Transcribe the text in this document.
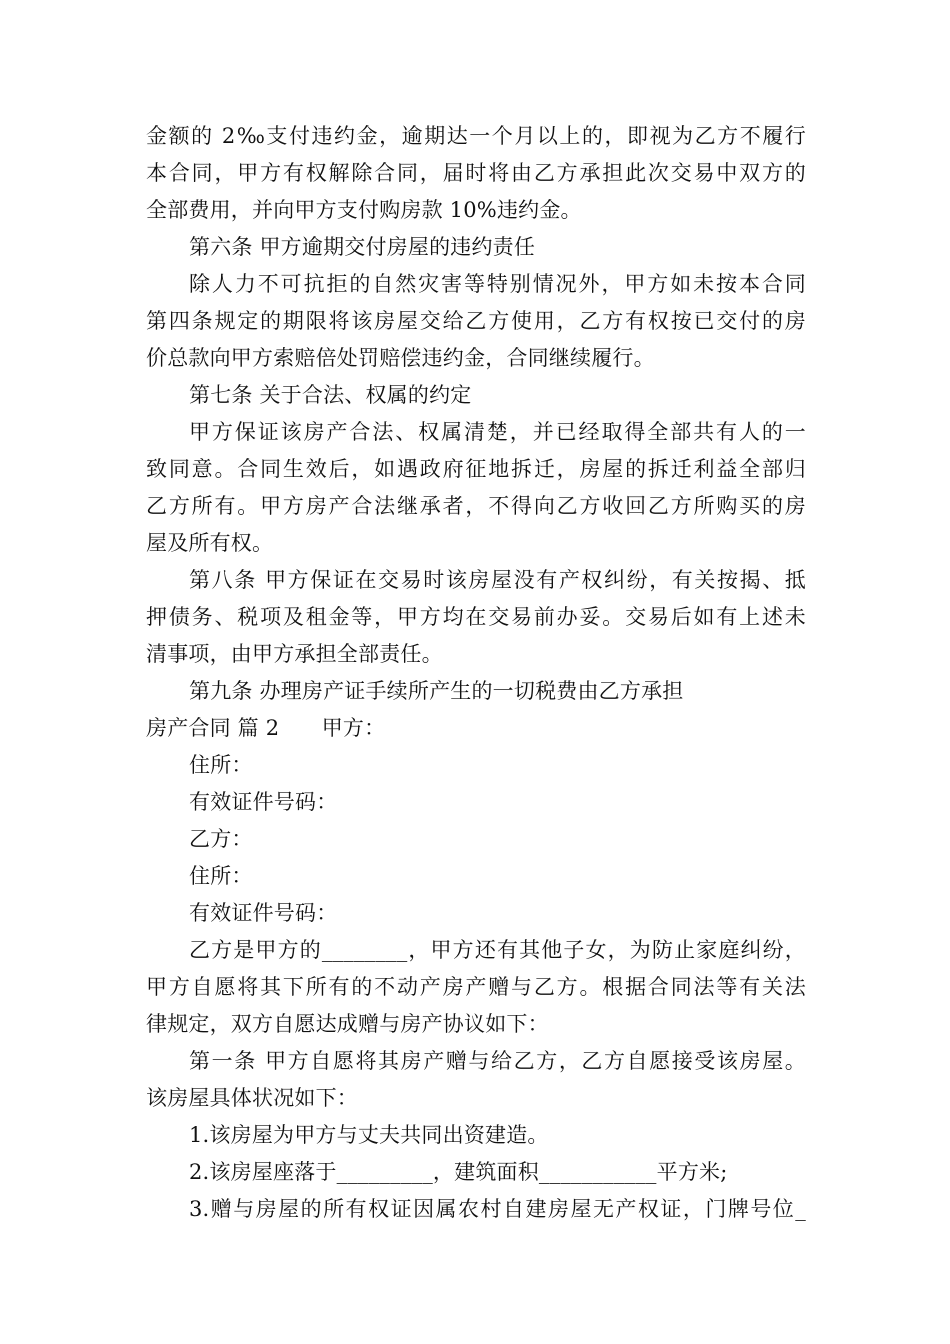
金额的 2‰支付违约金，逾期达一个月以上的，即视为乙方不履行
本合同，甲方有权解除合同，届时将由乙方承担此次交易中双方的
全部费用，并向甲方支付购房款 10%违约金。
第六条 甲方逾期交付房屋的违约责任
除人力不可抗拒的自然灾害等特别情况外，甲方如未按本合同
第四条规定的期限将该房屋交给乙方使用，乙方有权按已交付的房
价总款向甲方索赔倍处罚赔偿违约金，合同继续履行。
第七条 关于合法、权属的约定
甲方保证该房产合法、权属清楚，并已经取得全部共有人的一
致同意。合同生效后，如遇政府征地拆迁，房屋的拆迁利益全部归
乙方所有。甲方房产合法继承者，不得向乙方收回乙方所购买的房
屋及所有权。
第八条 甲方保证在交易时该房屋没有产权纠纷，有关按揭、抵
押债务、税项及租金等，甲方均在交易前办妥。交易后如有上述未
清事项，由甲方承担全部责任。
第九条 办理房产证手续所产生的一切税费由乙方承担
房产合同 篇 2　　甲方：
住所：
有效证件号码：
乙方：
住所：
有效证件号码：
乙方是甲方的________，甲方还有其他子女，为防止家庭纠纷，
甲方自愿将其下所有的不动产房产赠与乙方。根据合同法等有关法
律规定，双方自愿达成赠与房产协议如下：
第一条 甲方自愿将其房产赠与给乙方，乙方自愿接受该房屋。
该房屋具体状况如下：
1.该房屋为甲方与丈夫共同出资建造。
2.该房屋座落于_________，建筑面积___________平方米;
3.赠与房屋的所有权证因属农村自建房屋无产权证，门牌号位_
